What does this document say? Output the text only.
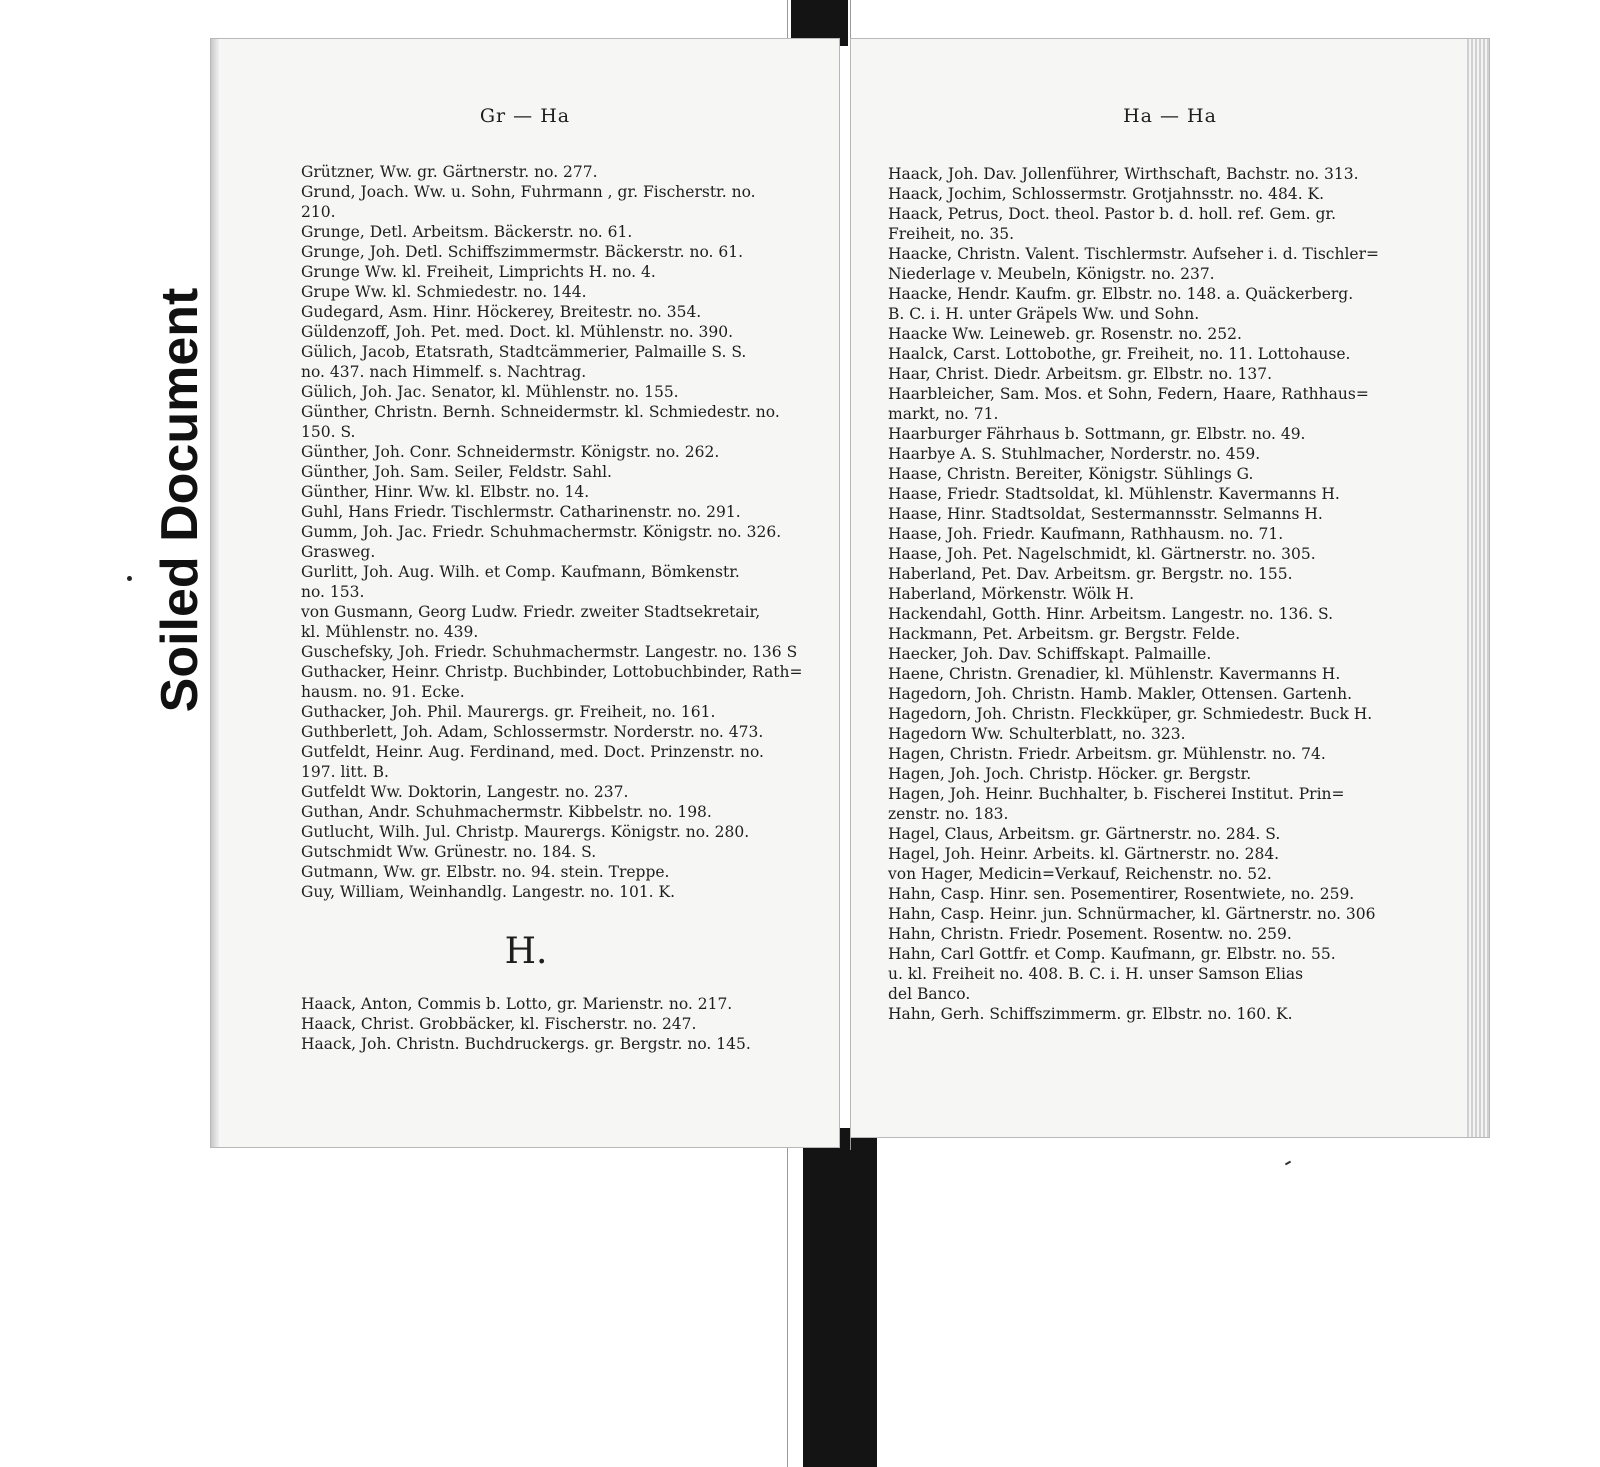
Soiled Document
Gr — Ha
Grützner, Ww. gr. Gärtnerstr. no. 277.
Grund, Joach. Ww. u. Sohn, Fuhrmann , gr. Fischerstr. no.
210.
Grunge, Detl. Arbeitsm. Bäckerstr. no. 61.
Grunge, Joh. Detl. Schiffszimmermstr. Bäckerstr. no. 61.
Grunge Ww. kl. Freiheit, Limprichts H. no. 4.
Grupe Ww. kl. Schmiedestr. no. 144.
Gudegard, Asm. Hinr. Höckerey, Breitestr. no. 354.
Güldenzoff, Joh. Pet. med. Doct. kl. Mühlenstr. no. 390.
Gülich, Jacob, Etatsrath, Stadtcämmerier, Palmaille S. S.
no. 437. nach Himmelf. s. Nachtrag.
Gülich, Joh. Jac. Senator, kl. Mühlenstr. no. 155.
Günther, Christn. Bernh. Schneidermstr. kl. Schmiedestr. no.
150. S.
Günther, Joh. Conr. Schneidermstr. Königstr. no. 262.
Günther, Joh. Sam. Seiler, Feldstr. Sahl.
Günther, Hinr. Ww. kl. Elbstr. no. 14.
Guhl, Hans Friedr. Tischlermstr. Catharinenstr. no. 291.
Gumm, Joh. Jac. Friedr. Schuhmachermstr. Königstr. no. 326.
Grasweg.
Gurlitt, Joh. Aug. Wilh. et Comp. Kaufmann, Bömkenstr.
no. 153.
von Gusmann, Georg Ludw. Friedr. zweiter Stadtsekretair,
kl. Mühlenstr. no. 439.
Guschefsky, Joh. Friedr. Schuhmachermstr. Langestr. no. 136 S
Guthacker, Heinr. Christp. Buchbinder, Lottobuchbinder, Rath=
hausm. no. 91. Ecke.
Guthacker, Joh. Phil. Maurergs. gr. Freiheit, no. 161.
Guthberlett, Joh. Adam, Schlossermstr. Norderstr. no. 473.
Gutfeldt, Heinr. Aug. Ferdinand, med. Doct. Prinzenstr. no.
197. litt. B.
Gutfeldt Ww. Doktorin, Langestr. no. 237.
Guthan, Andr. Schuhmachermstr. Kibbelstr. no. 198.
Gutlucht, Wilh. Jul. Christp. Maurergs. Königstr. no. 280.
Gutschmidt Ww. Grünestr. no. 184. S.
Gutmann, Ww. gr. Elbstr. no. 94. stein. Treppe.
Guy, William, Weinhandlg. Langestr. no. 101. K.
H.
Haack, Anton, Commis b. Lotto, gr. Marienstr. no. 217.
Haack, Christ. Grobbäcker, kl. Fischerstr. no. 247.
Haack, Joh. Christn. Buchdruckergs. gr. Bergstr. no. 145.
Ha — Ha
Haack, Joh. Dav. Jollenführer, Wirthschaft, Bachstr. no. 313.
Haack, Jochim, Schlossermstr. Grotjahnsstr. no. 484. K.
Haack, Petrus, Doct. theol. Pastor b. d. holl. ref. Gem. gr.
Freiheit, no. 35.
Haacke, Christn. Valent. Tischlermstr. Aufseher i. d. Tischler=
Niederlage v. Meubeln, Königstr. no. 237.
Haacke, Hendr. Kaufm. gr. Elbstr. no. 148. a. Quäckerberg.
B. C. i. H. unter Gräpels Ww. und Sohn.
Haacke Ww. Leineweb. gr. Rosenstr. no. 252.
Haalck, Carst. Lottobothe, gr. Freiheit, no. 11. Lottohause.
Haar, Christ. Diedr. Arbeitsm. gr. Elbstr. no. 137.
Haarbleicher, Sam. Mos. et Sohn, Federn, Haare, Rathhaus=
markt, no. 71.
Haarburger Fährhaus b. Sottmann, gr. Elbstr. no. 49.
Haarbye A. S. Stuhlmacher, Norderstr. no. 459.
Haase, Christn. Bereiter, Königstr. Sühlings G.
Haase, Friedr. Stadtsoldat, kl. Mühlenstr. Kavermanns H.
Haase, Hinr. Stadtsoldat, Sestermannsstr. Selmanns H.
Haase, Joh. Friedr. Kaufmann, Rathhausm. no. 71.
Haase, Joh. Pet. Nagelschmidt, kl. Gärtnerstr. no. 305.
Haberland, Pet. Dav. Arbeitsm. gr. Bergstr. no. 155.
Haberland, Mörkenstr. Wölk H.
Hackendahl, Gotth. Hinr. Arbeitsm. Langestr. no. 136. S.
Hackmann, Pet. Arbeitsm. gr. Bergstr. Felde.
Haecker, Joh. Dav. Schiffskapt. Palmaille.
Haene, Christn. Grenadier, kl. Mühlenstr. Kavermanns H.
Hagedorn, Joh. Christn. Hamb. Makler, Ottensen. Gartenh.
Hagedorn, Joh. Christn. Fleckküper, gr. Schmiedestr. Buck H.
Hagedorn Ww. Schulterblatt, no. 323.
Hagen, Christn. Friedr. Arbeitsm. gr. Mühlenstr. no. 74.
Hagen, Joh. Joch. Christp. Höcker. gr. Bergstr.
Hagen, Joh. Heinr. Buchhalter, b. Fischerei Institut. Prin=
zenstr. no. 183.
Hagel, Claus, Arbeitsm. gr. Gärtnerstr. no. 284. S.
Hagel, Joh. Heinr. Arbeits. kl. Gärtnerstr. no. 284.
von Hager, Medicin=Verkauf, Reichenstr. no. 52.
Hahn, Casp. Hinr. sen. Posementirer, Rosentwiete, no. 259.
Hahn, Casp. Heinr. jun. Schnürmacher, kl. Gärtnerstr. no. 306
Hahn, Christn. Friedr. Posement. Rosentw. no. 259.
Hahn, Carl Gottfr. et Comp. Kaufmann, gr. Elbstr. no. 55.
u. kl. Freiheit no. 408. B. C. i. H. unser Samson Elias
del Banco.
Hahn, Gerh. Schiffszimmerm. gr. Elbstr. no. 160. K.
